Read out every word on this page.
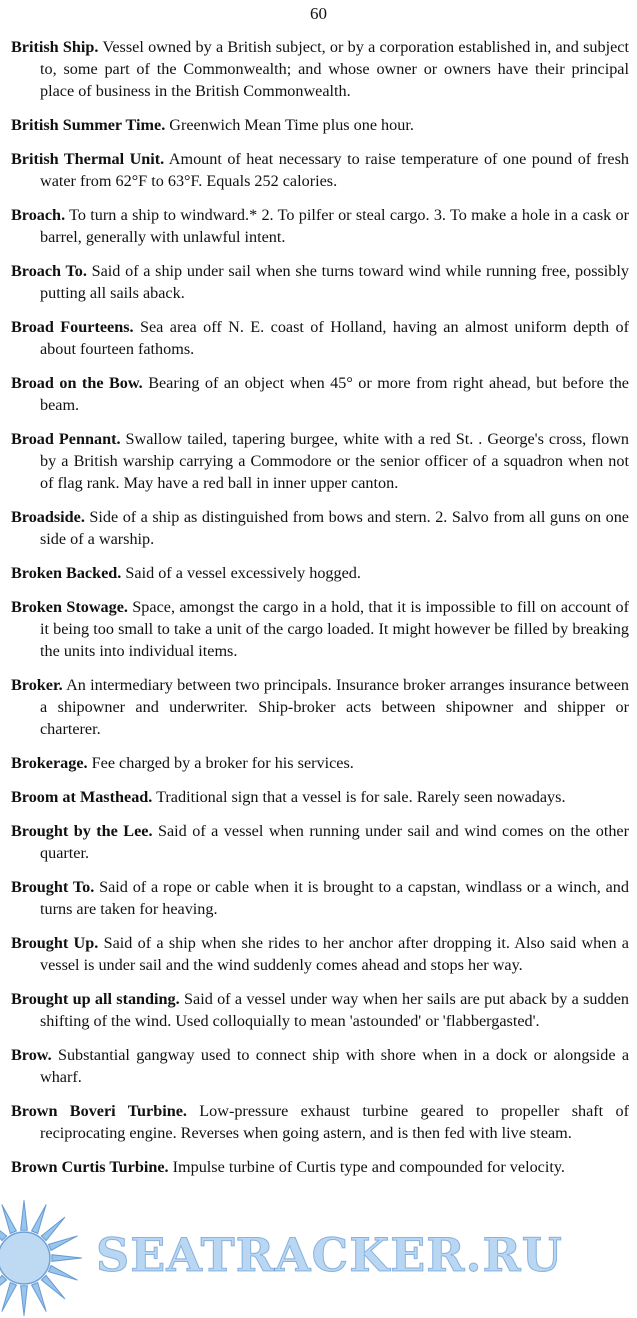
60

British Ship. Vessel owned by a British subject, or by a corporation established in, and subject to, some part of the Commonwealth; and whose owner or owners have their principal place of business in the British Commonwealth.

British Summer Time. Greenwich Mean Time plus one hour.

British Thermal Unit. Amount of heat necessary to raise temperature of one pound of fresh water from 62°F to 63°F. Equals 252 calories.

Broach. To turn a ship to windward.* 2. To pilfer or steal cargo. 3. To make a hole in a cask or barrel, generally with unlawful intent.

Broach To. Said of a ship under sail when she turns toward wind while running free, possibly putting all sails aback.

Broad Fourteens. Sea area off N. E. coast of Holland, having an almost uniform depth of about fourteen fathoms.

Broad on the Bow. Bearing of an object when 45° or more from right ahead, but before the beam.

Broad Pennant. Swallow tailed, tapering burgee, white with a red St. . George's cross, flown by a British warship carrying a Commodore or the senior officer of a squadron when not of flag rank. May have a red ball in inner upper canton.

Broadside. Side of a ship as distinguished from bows and stern. 2. Salvo from all guns on one side of a warship.

Broken Backed. Said of a vessel excessively hogged.

Broken Stowage. Space, amongst the cargo in a hold, that it is impossible to fill on account of it being too small to take a unit of the cargo loaded. It might however be filled by breaking the units into individual items.

Broker. An intermediary between two principals. Insurance broker arranges insurance between a shipowner and underwriter. Ship-broker acts between shipowner and shipper or charterer.

Brokerage. Fee charged by a broker for his services.

Broom at Masthead. Traditional sign that a vessel is for sale. Rarely seen nowadays.

Brought by the Lee. Said of a vessel when running under sail and wind comes on the other quarter.

Brought To. Said of a rope or cable when it is brought to a capstan, windlass or a winch, and turns are taken for heaving.

Brought Up. Said of a ship when she rides to her anchor after dropping it. Also said when a vessel is under sail and the wind suddenly comes ahead and stops her way.

Brought up all standing. Said of a vessel under way when her sails are put aback by a sudden shifting of the wind. Used colloquially to mean 'astounded' or 'flabbergasted'.

Brow. Substantial gangway used to connect ship with shore when in a dock or alongside a wharf.

Brown Boveri Turbine. Low-pressure exhaust turbine geared to propeller shaft of reciprocating engine. Reverses when going astern, and is then fed with live steam.

Brown Curtis Turbine. Impulse turbine of Curtis type and compounded for velocity.

SEATRACKER.RU
